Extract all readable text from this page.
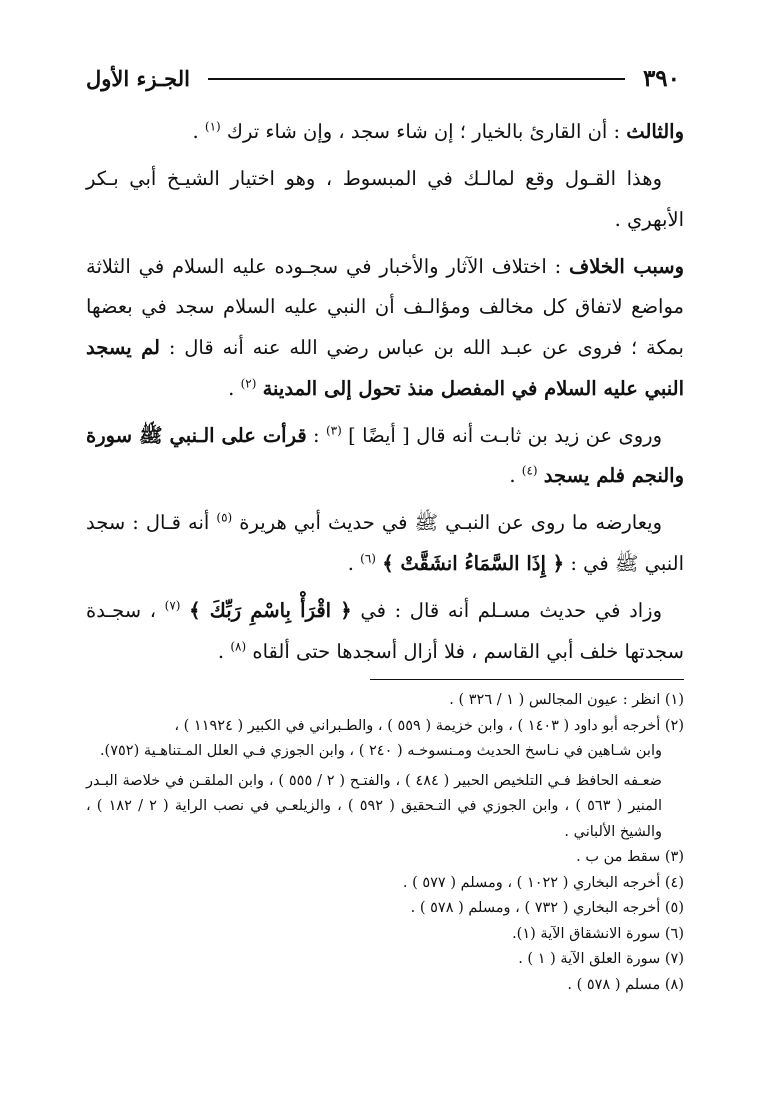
٣٩٠
الجـزء الأول

والثالث : أن القارئ بالخيار ؛ إن شاء سجد ، وإن شاء ترك $^{(١)}$ .

وهذا القـول وقع لمالـك في المبسوط ، وهو اختيار الشيـخ أبي بـكر الأبهري .

وسبب الخلاف : اختلاف الآثار والأخبار في سجـوده عليه السلام في الثلاثة مواضع لاتفاق كل مخالف ومؤالـف أن النبي عليه السلام سجد في بعضها بمكة ؛ فروى عن عبـد الله بن عباس رضي الله عنه أنه قال : لم يسجد النبي عليه السلام في المفصل منذ تحول إلى المدينة $^{(٢)}$ .

وروى عن زيد بن ثابـت أنه قال [ أيضًا ] $^{(٣)}$ : قرأت على الـنبي ﷺ سورة والنجم فلم يسجد $^{(٤)}$ .

ويعارضه ما روى عن النبـي ﷺ في حديث أبي هريرة $^{(٥)}$ أنه قـال : سجد النبي ﷺ في : ﴿ إِذَا السَّمَاءُ انشَقَّتْ ﴾ $^{(٦)}$ .

وزاد في حديث مسـلم أنه قال : في ﴿ اقْرَأْ بِاسْمِ رَبِّكَ ﴾ $^{(٧)}$ ، سجـدة سجدتها خلف أبي القاسم ، فلا أزال أسجدها حتى ألقاه $^{(٨)}$ .

(١) انظر : عيون المجالس ( ١ / ٣٢٦ ) .

(٢) أخرجه أبو داود ( ١٤٠٣ ) ، وابن خزيمة ( ٥٥٩ ) ، والطـبراني في الكبير ( ١١٩٢٤ ) ،

وابن شـاهين في نـاسخ الحديث ومـنسوخـه ( ٢٤٠ ) ، وابن الجوزي فـي العلل المـتناهـية (٧٥٢).

ضعـفه الحافظ فـي التلخيص الحبير ( ٤٨٤ ) ، والفتـح ( ٢ / ٥٥٥ ) ، وابن الملقـن في خلاصة البـدر المنير ( ٥٦٣ ) ، وابن الجوزي في التـحقيق ( ٥٩٢ ) ، والزيلعـي في نصب الراية ( ٢ / ١٨٢ ) ، والشيخ الألباني .

(٣) سقط من ب .

(٤) أخرجه البخاري ( ١٠٢٢ ) ، ومسلم ( ٥٧٧ ) .

(٥) أخرجه البخاري ( ٧٣٢ ) ، ومسلم ( ٥٧٨ ) .

(٦) سورة الانشقاق الآية (١).

(٧) سورة العلق الآية ( ١ ) .

(٨) مسلم ( ٥٧٨ ) .
